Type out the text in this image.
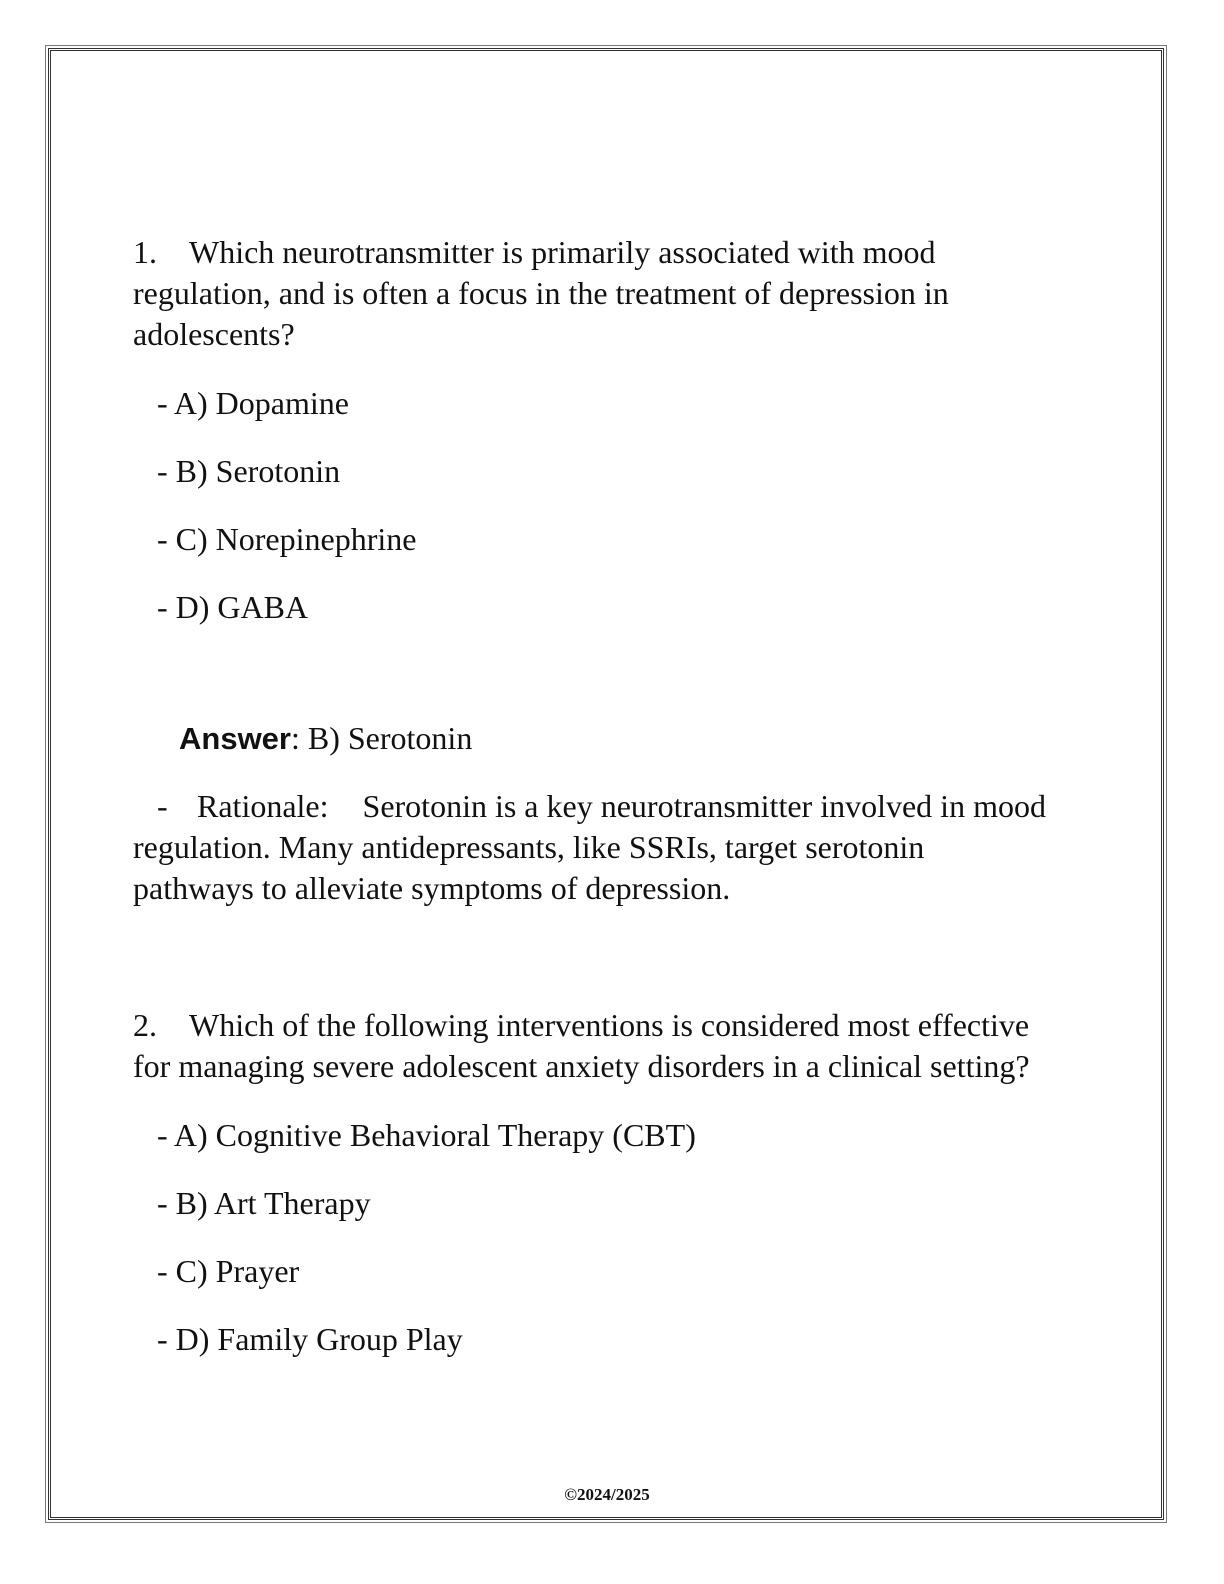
1. Which neurotransmitter is primarily associated with mood regulation, and is often a focus in the treatment of depression in adolescents?

- A) Dopamine
- B) Serotonin
- C) Norepinephrine
- D) GABA
Answer: B) Serotonin
- Rationale: Serotonin is a key neurotransmitter involved in mood regulation. Many antidepressants, like SSRIs, target serotonin pathways to alleviate symptoms of depression.

2. Which of the following interventions is considered most effective for managing severe adolescent anxiety disorders in a clinical setting?

- A) Cognitive Behavioral Therapy (CBT)
- B) Art Therapy
- C) Prayer
- D) Family Group Play
©2024/2025
